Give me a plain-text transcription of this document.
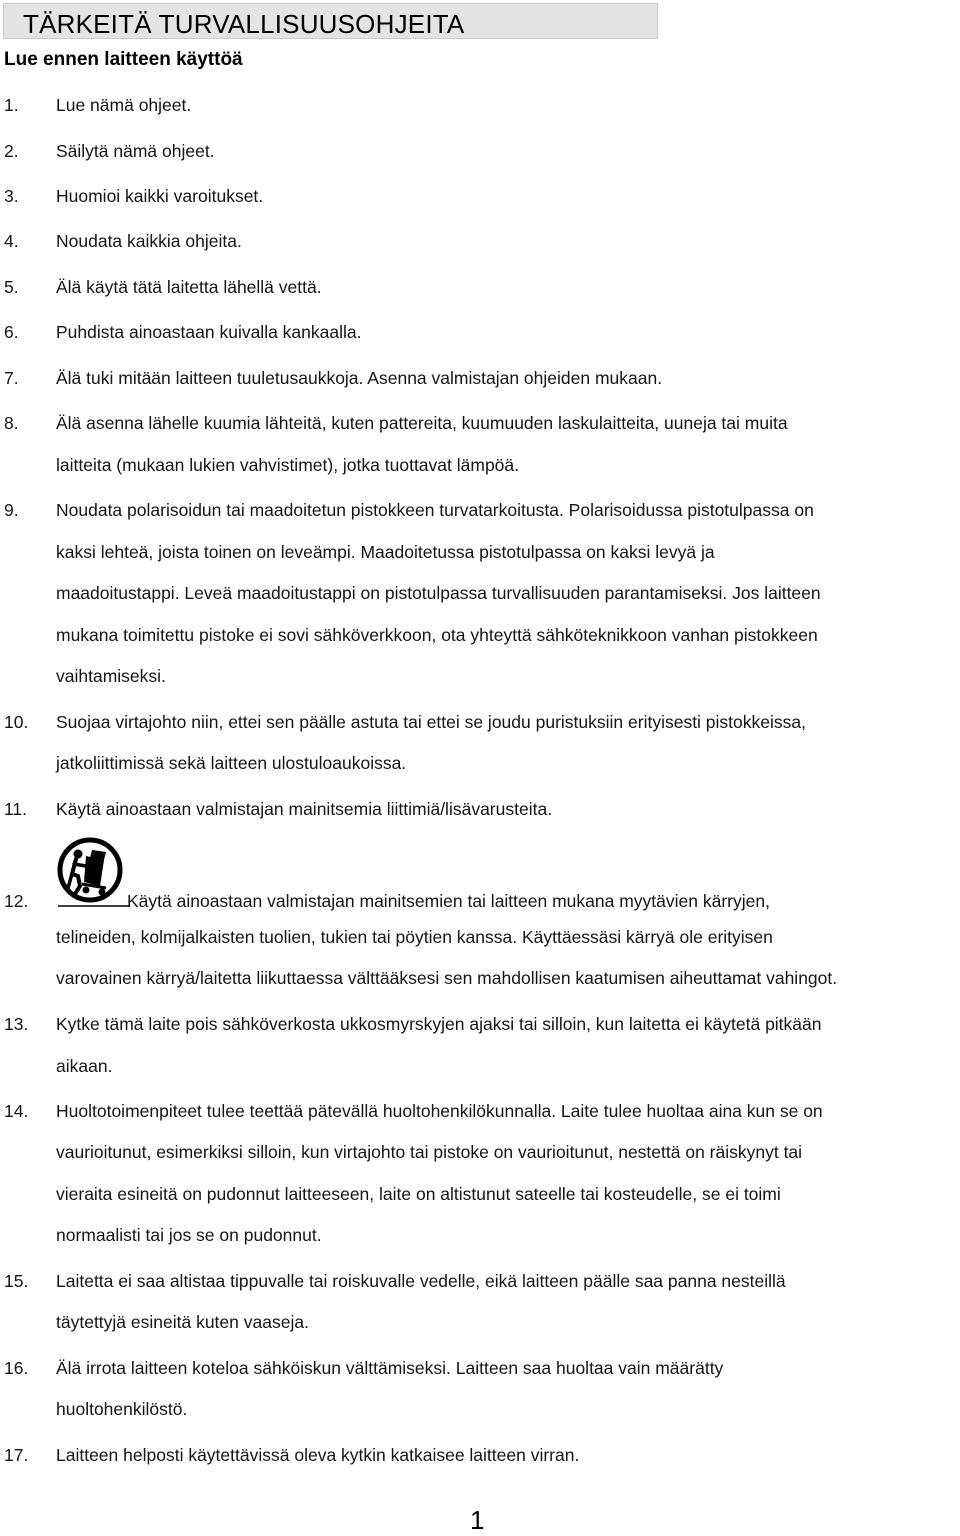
TÄRKEITÄ TURVALLISUUSOHJEITA
Lue ennen laitteen käyttöä
1. Lue nämä ohjeet.
2. Säilytä nämä ohjeet.
3. Huomioi kaikki varoitukset.
4. Noudata kaikkia ohjeita.
5. Älä käytä tätä laitetta lähellä vettä.
6. Puhdista ainoastaan kuivalla kankaalla.
7. Älä tuki mitään laitteen tuuletusaukkoja. Asenna valmistajan ohjeiden mukaan.
8. Älä asenna lähelle kuumia lähteitä, kuten pattereita, kuumuuden laskulaitteita, uuneja tai muita
laitteita (mukaan lukien vahvistimet), jotka tuottavat lämpöä.
9. Noudata polarisoidun tai maadoitetun pistokkeen turvatarkoitusta. Polarisoidussa pistotulpassa on
kaksi lehteä, joista toinen on leveämpi. Maadoitetussa pistotulpassa on kaksi levyä ja
maadoitustappi. Leveä maadoitustappi on pistotulpassa turvallisuuden parantamiseksi. Jos laitteen
mukana toimitettu pistoke ei sovi sähköverkkoon, ota yhteyttä sähköteknikkoon vanhan pistokkeen
vaihtamiseksi.
10. Suojaa virtajohto niin, ettei sen päälle astuta tai ettei se joudu puristuksiin erityisesti pistokkeissa,
jatkoliittimissä sekä laitteen ulostuloaukoissa.
11. Käytä ainoastaan valmistajan mainitsemia liittimiä/lisävarusteita.
12.	Käytä ainoastaan valmistajan mainitsemien tai laitteen mukana myytävien kärryjen,
telineiden, kolmijalkaisten tuolien, tukien tai pöytien kanssa. Käyttäessäsi kärryä ole erityisen
varovainen kärryä/laitetta liikuttaessa välttääksesi sen mahdollisen kaatumisen aiheuttamat vahingot.
13. Kytke tämä laite pois sähköverkosta ukkosmyrskyjen ajaksi tai silloin, kun laitetta ei käytetä pitkään
aikaan.
14. Huoltotoimenpiteet tulee teettää pätevällä huoltohenkilökunnalla. Laite tulee huoltaa aina kun se on
vaurioitunut, esimerkiksi silloin, kun virtajohto tai pistoke on vaurioitunut, nestettä on räiskynyt tai
vieraita esineitä on pudonnut laitteeseen, laite on altistunut sateelle tai kosteudelle, se ei toimi
normaalisti tai jos se on pudonnut.
15. Laitetta ei saa altistaa tippuvalle tai roiskuvalle vedelle, eikä laitteen päälle saa panna nesteillä
täytettyjä esineitä kuten vaaseja.
16. Älä irrota laitteen koteloa sähköiskun välttämiseksi. Laitteen saa huoltaa vain määrätty
huoltohenkilöstö.
17. Laitteen helposti käytettävissä oleva kytkin katkaisee laitteen virran.
1
